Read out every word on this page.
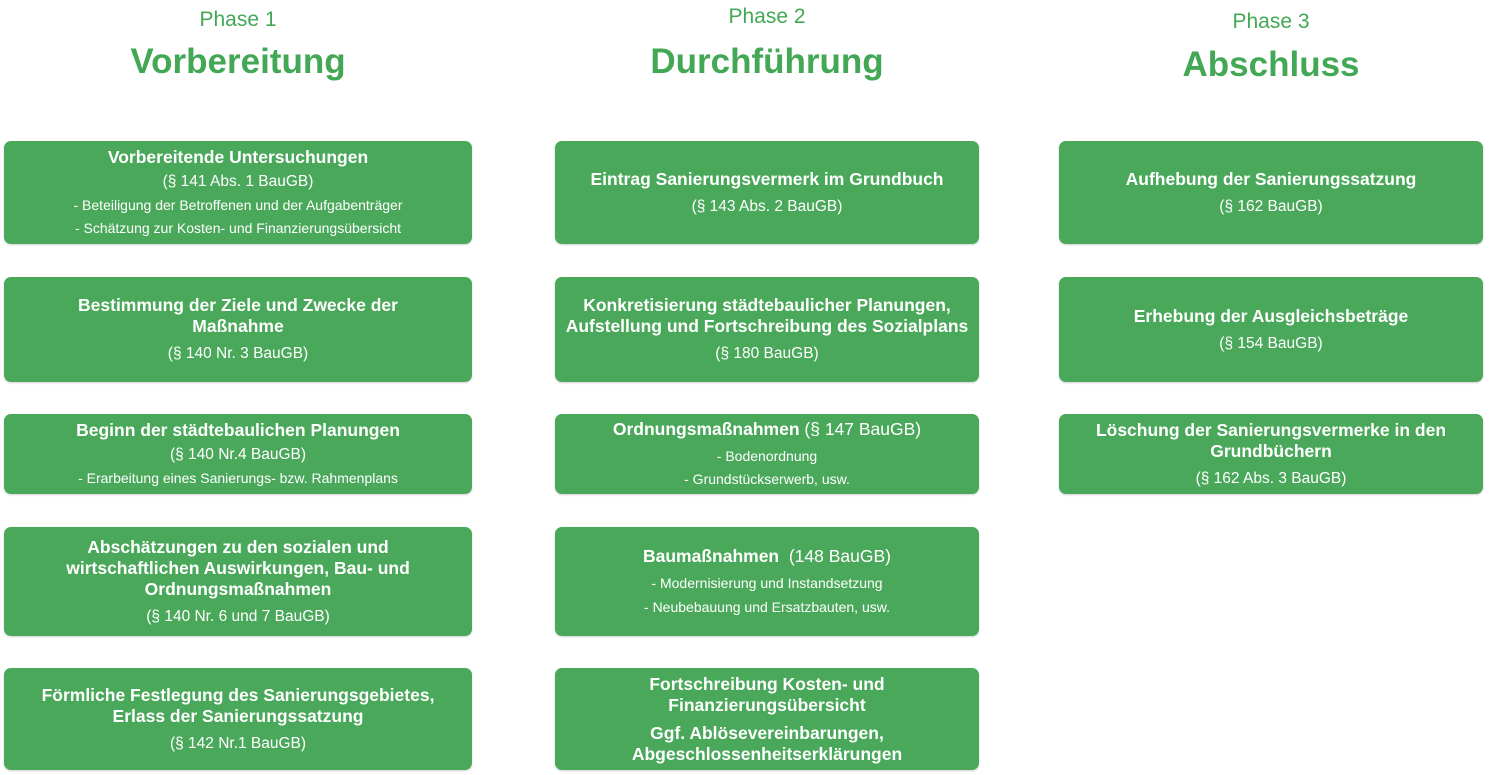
Phase 1
Vorbereitung
Vorbereitende Untersuchungen
(§ 141 Abs. 1 BauGB)
- Beteiligung der Betroffenen und der Aufgabenträger
- Schätzung zur Kosten- und Finanzierungsübersicht
Bestimmung der Ziele und Zwecke der Maßnahme
(§ 140 Nr. 3 BauGB)
Beginn der städtebaulichen Planungen
(§ 140 Nr.4 BauGB)
- Erarbeitung eines Sanierungs- bzw. Rahmenplans
Abschätzungen zu den sozialen und wirtschaftlichen Auswirkungen, Bau- und Ordnungsmaßnahmen
(§ 140 Nr. 6 und 7 BauGB)
Förmliche Festlegung des Sanierungsgebietes, Erlass der Sanierungssatzung
(§ 142 Nr.1 BauGB)
Phase 2
Durchführung
Eintrag Sanierungsvermerk im Grundbuch
(§ 143 Abs. 2 BauGB)
Konkretisierung städtebaulicher Planungen, Aufstellung und Fortschreibung des Sozialplans
(§ 180 BauGB)
Ordnungsmaßnahmen (§ 147 BauGB)
- Bodenordnung
- Grundstückserwerb, usw.
Baumaßnahmen (148 BauGB)
- Modernisierung und Instandsetzung
- Neubebauung und Ersatzbauten, usw.
Fortschreibung Kosten- und Finanzierungsübersicht
Ggf. Ablösevereinbarungen, Abgeschlossenheitserklärungen
Phase 3
Abschluss
Aufhebung der Sanierungssatzung
(§ 162 BauGB)
Erhebung der Ausgleichsbeträge
(§ 154 BauGB)
Löschung der Sanierungsvermerke in den Grundbüchern
(§ 162 Abs. 3 BauGB)
